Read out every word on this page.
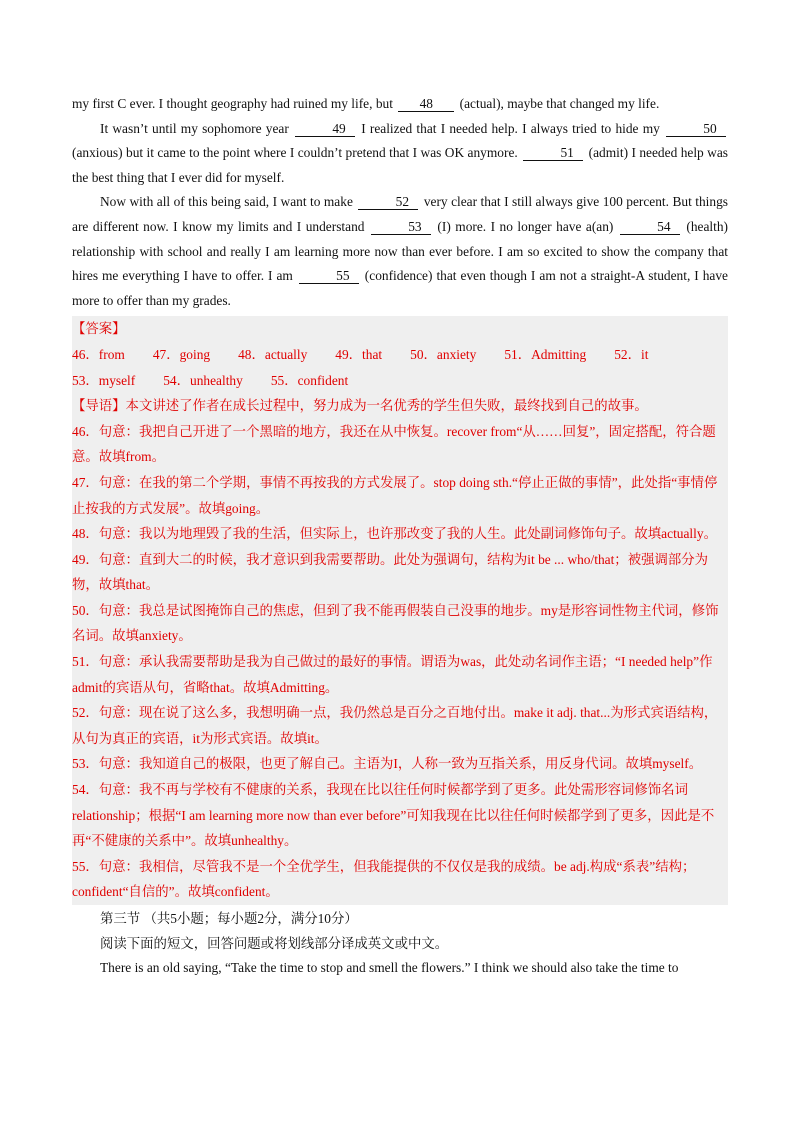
my first C ever. I thought geography had ruined my life, but 48 (actual), maybe that changed my life.

It wasn’t until my sophomore year	49 I realized that I needed help. I always tried to hide my	50 (anxious) but it came to the point where I couldn’t pretend that I was OK anymore.	51 (admit) I needed help was the best thing that I ever did for myself.

Now with all of this being said, I want to make	52 very clear that I still always give 100 percent. But things are different now. I know my limits and I understand	53 (I) more. I no longer have a(an)	54 (health) relationship with school and really I am learning more now than ever before. I am so excited to show the company that hires me everything I have to offer. I am	55 (confidence) that even though I am not a straight-A student, I have more to offer than my grades.

【答案】

46．from 47．going 48．actually 49．that 50．anxiety 51．Admitting 52．it

53．myself 54．unhealthy 55．confident

【导语】本文讲述了作者在成长过程中，努力成为一名优秀的学生但失败，最终找到自己的故事。

46．句意：我把自己开进了一个黑暗的地方，我还在从中恢复。recover from“从……回复”，固定搭配，符合题意。故填from。

47．句意：在我的第二个学期，事情不再按我的方式发展了。stop doing sth.“停止正做的事情”，此处指“事情停止按我的方式发展”。故填going。

48．句意：我以为地理毁了我的生活，但实际上，也许那改变了我的人生。此处副词修饰句子。故填actually。

49．句意：直到大二的时候，我才意识到我需要帮助。此处为强调句，结构为it be ... who/that；被强调部分为物，故填that。

50．句意：我总是试图掩饰自己的焦虑，但到了我不能再假装自己没事的地步。my是形容词性物主代词，修饰名词。故填anxiety。

51．句意：承认我需要帮助是我为自己做过的最好的事情。谓语为was，此处动名词作主语；“I needed help”作admit的宾语从句，省略that。故填Admitting。

52．句意：现在说了这么多，我想明确一点，我仍然总是百分之百地付出。make it adj. that...为形式宾语结构，从句为真正的宾语，it为形式宾语。故填it。

53．句意：我知道自己的极限，也更了解自己。主语为I，人称一致为互指关系，用反身代词。故填myself。

54．句意：我不再与学校有不健康的关系，我现在比以往任何时候都学到了更多。此处需形容词修饰名词relationship；根据“I am learning more now than ever before”可知我现在比以往任何时候都学到了更多，因此是不再“不健康的关系中”。故填unhealthy。

55．句意：我相信，尽管我不是一个全优学生，但我能提供的不仅仅是我的成绩。be adj.构成“系表”结构；confident“自信的”。故填confident。

第三节 （共5小题；每小题2分，满分10分）

阅读下面的短文，回答问题或将划线部分译成英文或中文。

There is an old saying, “Take the time to stop and smell the flowers.” I think we should also take the time to
